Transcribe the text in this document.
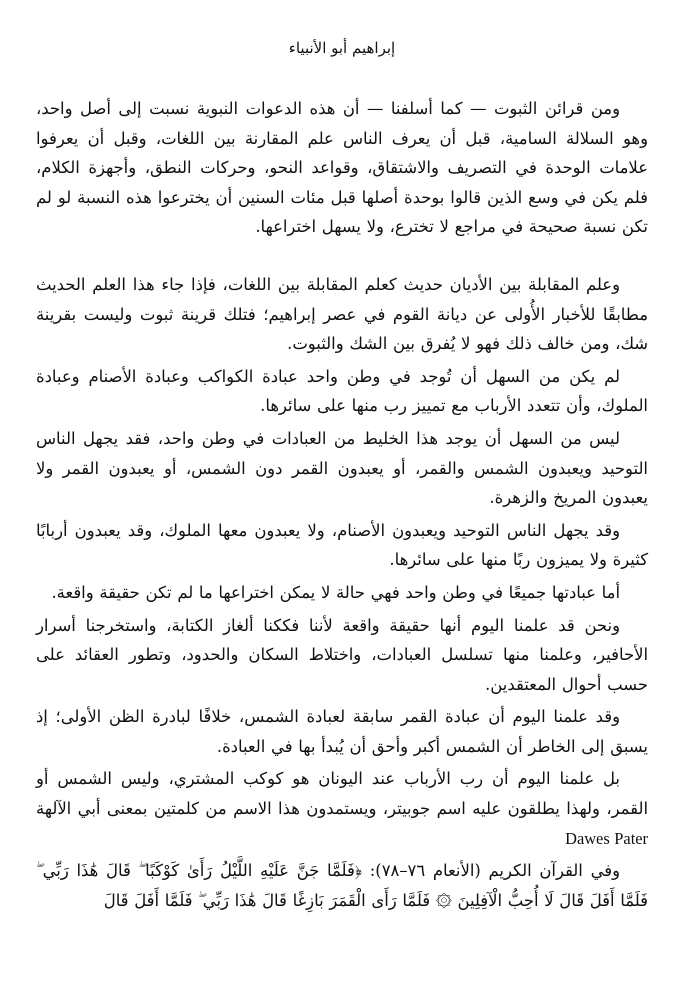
إبراهيم أبو الأنبياء

ومن قرائن الثبوت — كما أسلفنا — أن هذه الدعوات النبوية نسبت إلى أصل واحد، وهو السلالة السامية، قبل أن يعرف الناس علم المقارنة بين اللغات، وقبل أن يعرفوا علامات الوحدة في التصريف والاشتقاق، وقواعد النحو، وحركات النطق، وأجهزة الكلام، فلم يكن في وسع الذين قالوا بوحدة أصلها قبل مئات السنين أن يخترعوا هذه النسبة لو لم تكن نسبة صحيحة في مراجع لا تخترع، ولا يسهل اختراعها.

وعلم المقابلة بين الأديان حديث كعلم المقابلة بين اللغات، فإذا جاء هذا العلم الحديث مطابقًا للأخبار الأُولى عن ديانة القوم في عصر إبراهيم؛ فتلك قرينة ثبوت وليست بقرينة شك، ومن خالف ذلك فهو لا يُفرق بين الشك والثبوت.

لم يكن من السهل أن تُوجد في وطن واحد عبادة الكواكب وعبادة الأصنام وعبادة الملوك، وأن تتعدد الأرباب مع تمييز رب منها على سائرها.

ليس من السهل أن يوجد هذا الخليط من العبادات في وطن واحد، فقد يجهل الناس التوحيد ويعبدون الشمس والقمر، أو يعبدون القمر دون الشمس، أو يعبدون القمر ولا يعبدون المريخ والزهرة.

وقد يجهل الناس التوحيد ويعبدون الأصنام، ولا يعبدون معها الملوك، وقد يعبدون أربابًا كثيرة ولا يميزون ربًا منها على سائرها.

أما عبادتها جميعًا في وطن واحد فهي حالة لا يمكن اختراعها ما لم تكن حقيقة واقعة.

ونحن قد علمنا اليوم أنها حقيقة واقعة لأننا فككنا ألغاز الكتابة، واستخرجنا أسرار الأحافير، وعلمنا منها تسلسل العبادات، واختلاط السكان والحدود، وتطور العقائد على حسب أحوال المعتقدين.

وقد علمنا اليوم أن عبادة القمر سابقة لعبادة الشمس، خلافًا لبادرة الظن الأولى؛ إذ يسبق إلى الخاطر أن الشمس أكبر وأحق أن يُبدأ بها في العبادة.

بل علمنا اليوم أن رب الأرباب عند اليونان هو كوكب المشتري، وليس الشمس أو القمر، ولهذا يطلقون عليه اسم جوبيتر، ويستمدون هذا الاسم من كلمتين بمعنى أبي الآلهة Dawes Pater

وفي القرآن الكريم (الأنعام ٧٦–٧٨): ﴿فَلَمَّا جَنَّ عَلَيْهِ اللَّيْلُ رَأَىٰ كَوْكَبًا ۖ قَالَ هَٰذَا رَبِّي ۖ فَلَمَّا أَفَلَ قَالَ لَا أُحِبُّ الْآفِلِينَ ۞ فَلَمَّا رَأَى الْقَمَرَ بَازِغًا قَالَ هَٰذَا رَبِّي ۖ فَلَمَّا أَفَلَ قَالَ
